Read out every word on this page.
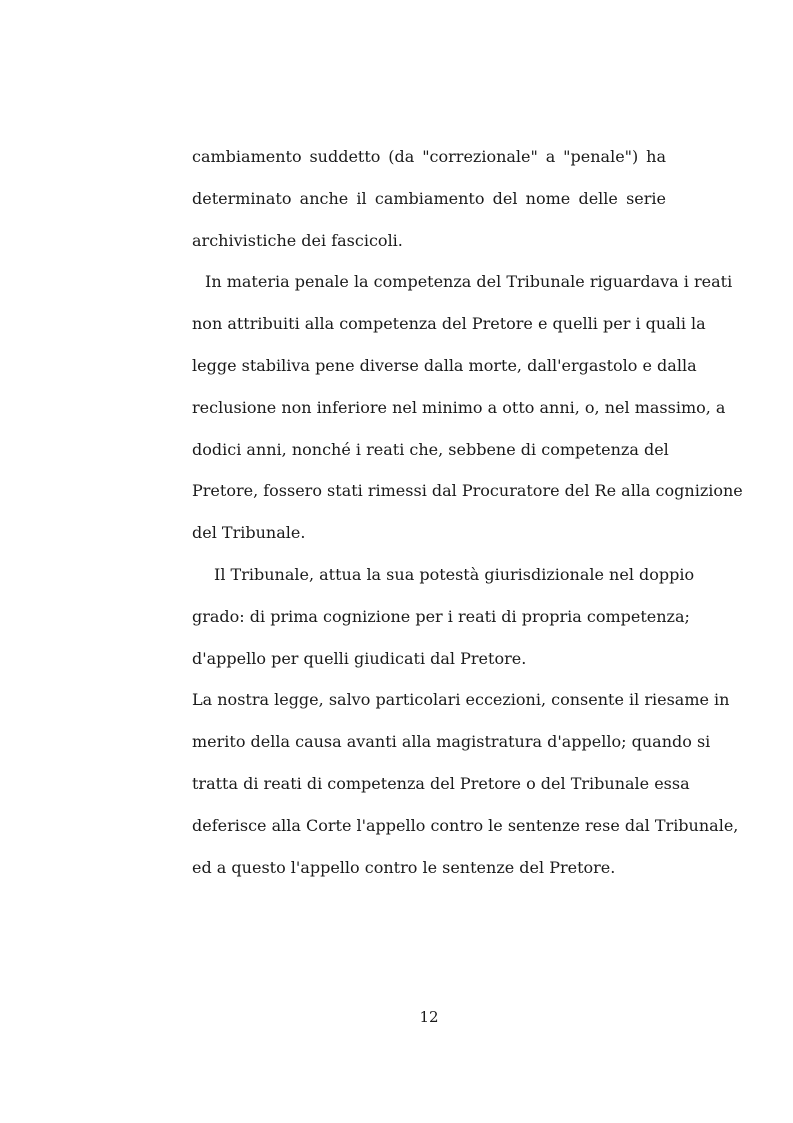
cambiamento suddetto (da "correzionale" a "penale") ha
determinato anche il cambiamento del nome delle serie
archivistiche dei fascicoli.
In materia penale la competenza del Tribunale riguardava i reati
non attribuiti alla competenza del Pretore e quelli per i quali la
legge stabiliva pene diverse dalla morte, dall'ergastolo e dalla
reclusione non inferiore nel minimo a otto anni, o, nel massimo, a
dodici anni, nonché i reati che, sebbene di competenza del
Pretore, fossero stati rimessi dal Procuratore del Re alla cognizione
del Tribunale.
Il Tribunale, attua la sua potestà giurisdizionale nel doppio
grado: di prima cognizione per i reati di propria competenza;
d'appello per quelli giudicati dal Pretore.
La nostra legge, salvo particolari eccezioni, consente il riesame in
merito della causa avanti alla magistratura d'appello; quando si
tratta di reati di competenza del Pretore o del Tribunale essa
deferisce alla Corte l'appello contro le sentenze rese dal Tribunale,
ed a questo l'appello contro le sentenze del Pretore.
12
